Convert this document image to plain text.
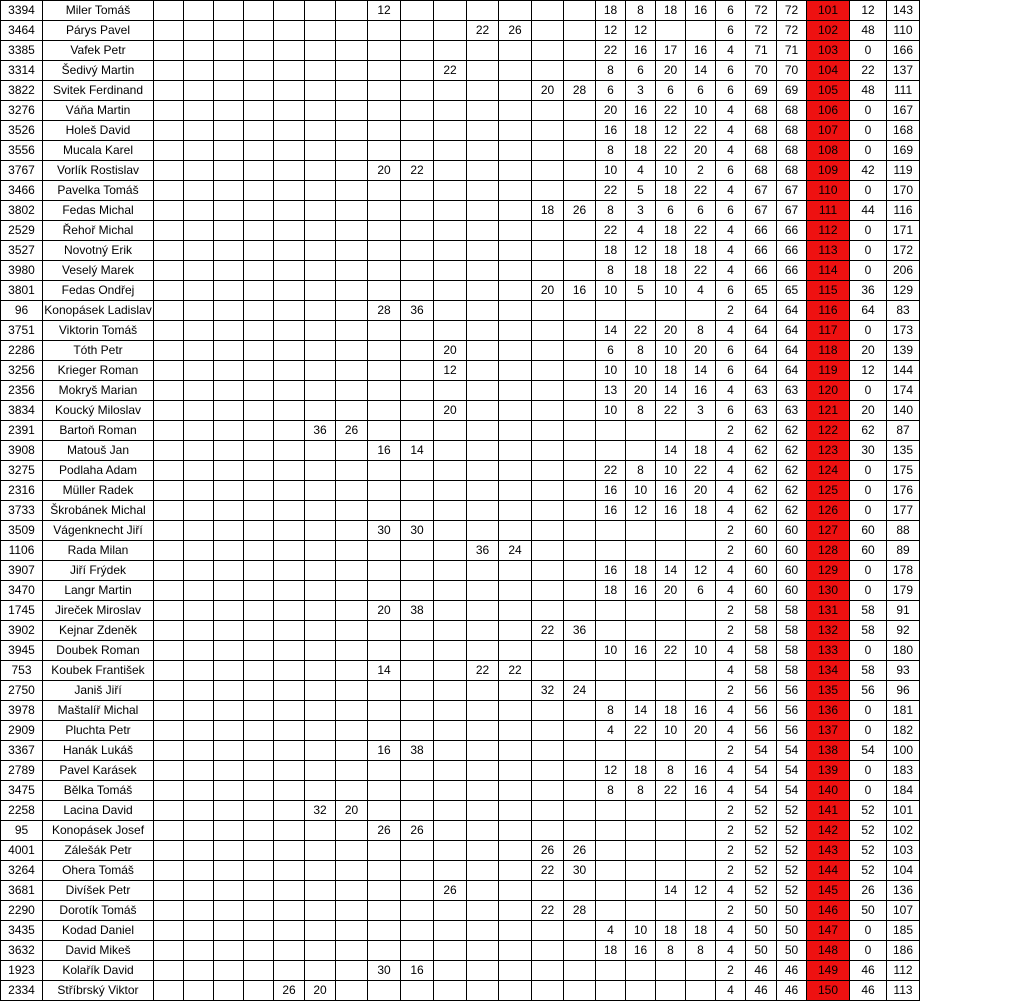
3394	Miler Tomáš								12							18	8	18	16	6	72	72	101	12	143
3464	Párys Pavel											22	26			12	12			6	72	72	102	48	110
3385	Vafek Petr															22	16	17	16	4	71	71	103	0	166
3314	Šedivý Martin										22					8	6	20	14	6	70	70	104	22	137
3822	Svitek Ferdinand													20	28	6	3	6	6	6	69	69	105	48	111
3276	Váňa Martin															20	16	22	10	4	68	68	106	0	167
3526	Holeš David															16	18	12	22	4	68	68	107	0	168
3556	Mucala Karel															8	18	22	20	4	68	68	108	0	169
3767	Vorlík Rostislav								20	22						10	4	10	2	6	68	68	109	42	119
3466	Pavelka Tomáš															22	5	18	22	4	67	67	110	0	170
3802	Fedas Michal													18	26	8	3	6	6	6	67	67	111	44	116
2529	Řehoř Michal															22	4	18	22	4	66	66	112	0	171
3527	Novotný Erik															18	12	18	18	4	66	66	113	0	172
3980	Veselý Marek															8	18	18	22	4	66	66	114	0	206
3801	Fedas Ondřej													20	16	10	5	10	4	6	65	65	115	36	129
96	Konopásek Ladislav								28	36										2	64	64	116	64	83
3751	Viktorin Tomáš															14	22	20	8	4	64	64	117	0	173
2286	Tóth Petr										20					6	8	10	20	6	64	64	118	20	139
3256	Krieger Roman										12					10	10	18	14	6	64	64	119	12	144
2356	Mokryš Marian															13	20	14	16	4	63	63	120	0	174
3834	Koucký Miloslav										20					10	8	22	3	6	63	63	121	20	140
2391	Bartoň Roman						36	26												2	62	62	122	62	87
3908	Matouš Jan								16	14								14	18	4	62	62	123	30	135
3275	Podlaha Adam															22	8	10	22	4	62	62	124	0	175
2316	Müller Radek															16	10	16	20	4	62	62	125	0	176
3733	Škrobánek Michal															16	12	16	18	4	62	62	126	0	177
3509	Vágenknecht Jiří								30	30										2	60	60	127	60	88
1106	Rada Milan											36	24							2	60	60	128	60	89
3907	Jiří Frýdek															16	18	14	12	4	60	60	129	0	178
3470	Langr Martin															18	16	20	6	4	60	60	130	0	179
1745	Jireček Miroslav								20	38										2	58	58	131	58	91
3902	Kejnar Zdeněk													22	36					2	58	58	132	58	92
3945	Doubek Roman															10	16	22	10	4	58	58	133	0	180
753	Koubek František								14			22	22							4	58	58	134	58	93
2750	Janiš Jiří													32	24					2	56	56	135	56	96
3978	Maštalíř Michal															8	14	18	16	4	56	56	136	0	181
2909	Pluchta Petr															4	22	10	20	4	56	56	137	0	182
3367	Hanák Lukáš								16	38										2	54	54	138	54	100
2789	Pavel Karásek															12	18	8	16	4	54	54	139	0	183
3475	Bělka Tomáš															8	8	22	16	4	54	54	140	0	184
2258	Lacina David						32	20												2	52	52	141	52	101
95	Konopásek Josef								26	26										2	52	52	142	52	102
4001	Zálešák Petr													26	26					2	52	52	143	52	103
3264	Ohera Tomáš													22	30					2	52	52	144	52	104
3681	Divíšek Petr										26							14	12	4	52	52	145	26	136
2290	Dorotík Tomáš													22	28					2	50	50	146	50	107
3435	Kodad Daniel															4	10	18	18	4	50	50	147	0	185
3632	David Mikeš															18	16	8	8	4	50	50	148	0	186
1923	Kolařík David								30	16										2	46	46	149	46	112
2334	Stříbrský Viktor					26	20													4	46	46	150	46	113
